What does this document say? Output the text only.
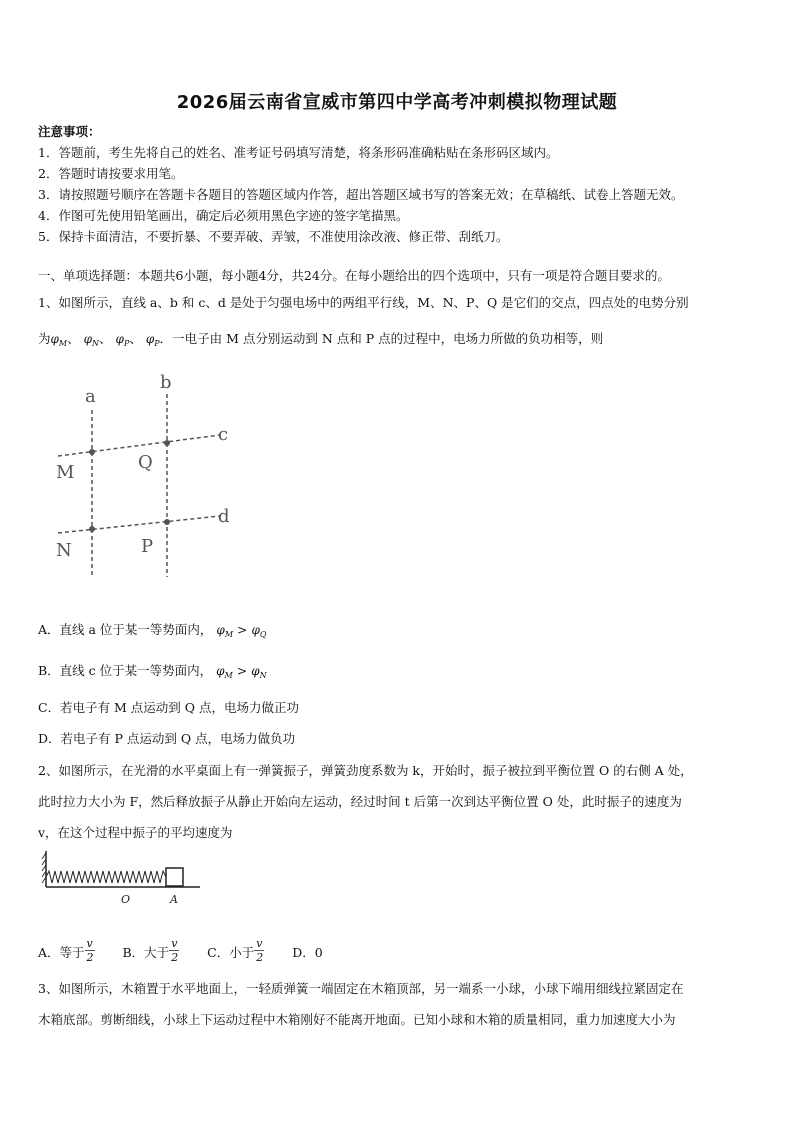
2026届云南省宣威市第四中学高考冲刺模拟物理试题
注意事项：
1．答题前，考生先将自己的姓名、准考证号码填写清楚，将条形码准确粘贴在条形码区域内。
2．答题时请按要求用笔。
3．请按照题号顺序在答题卡各题目的答题区域内作答，超出答题区域书写的答案无效；在草稿纸、试卷上答题无效。
4．作图可先使用铅笔画出，确定后必须用黑色字迹的签字笔描黑。
5．保持卡面清洁，不要折暴、不要弄破、弄皱，不准使用涂改液、修正带、刮纸刀。
一、单项选择题：本题共6小题，每小题4分，共24分。在每小题给出的四个选项中，只有一项是符合题目要求的。
1、如图所示，直线 a、b 和 c、d 是处于匀强电场中的两组平行线，M、N、P、Q 是它们的交点，四点处的电势分别
为$\varphi_M$、 $\varphi_N$、 $\varphi_P$、 $\varphi_P$．一电子由 M 点分别运动到 N 点和 P 点的过程中，电场力所做的负功相等，则
a
b
c
d
M	Q
N	P
A．直线 a 位于某一等势面内， $\varphi_M > \varphi_Q$
B．直线 c 位于某一等势面内， $\varphi_M > \varphi_N$
C．若电子有 M 点运动到 Q 点，电场力做正功
D．若电子有 P 点运动到 Q 点，电场力做负功
2、如图所示，在光滑的水平桌面上有一弹簧振子，弹簧劲度系数为 k，开始时，振子被拉到平衡位置 O 的右侧 A 处，
此时拉力大小为 F，然后释放振子从静止开始向左运动，经过时间 t 后第一次到达平衡位置 O 处，此时振子的速度为
v，在这个过程中振子的平均速度为
O	A
A．等于
$\frac{v}{2}$
B．大于
$\frac{v}{2}$
C．小于
$\frac{v}{2}$
D．0
3、如图所示，木箱置于水平地面上，一轻质弹簧一端固定在木箱顶部，另一端系一小球，小球下端用细线拉紧固定在
木箱底部。剪断细线，小球上下运动过程中木箱刚好不能离开地面。已知小球和木箱的质量相同，重力加速度大小为
